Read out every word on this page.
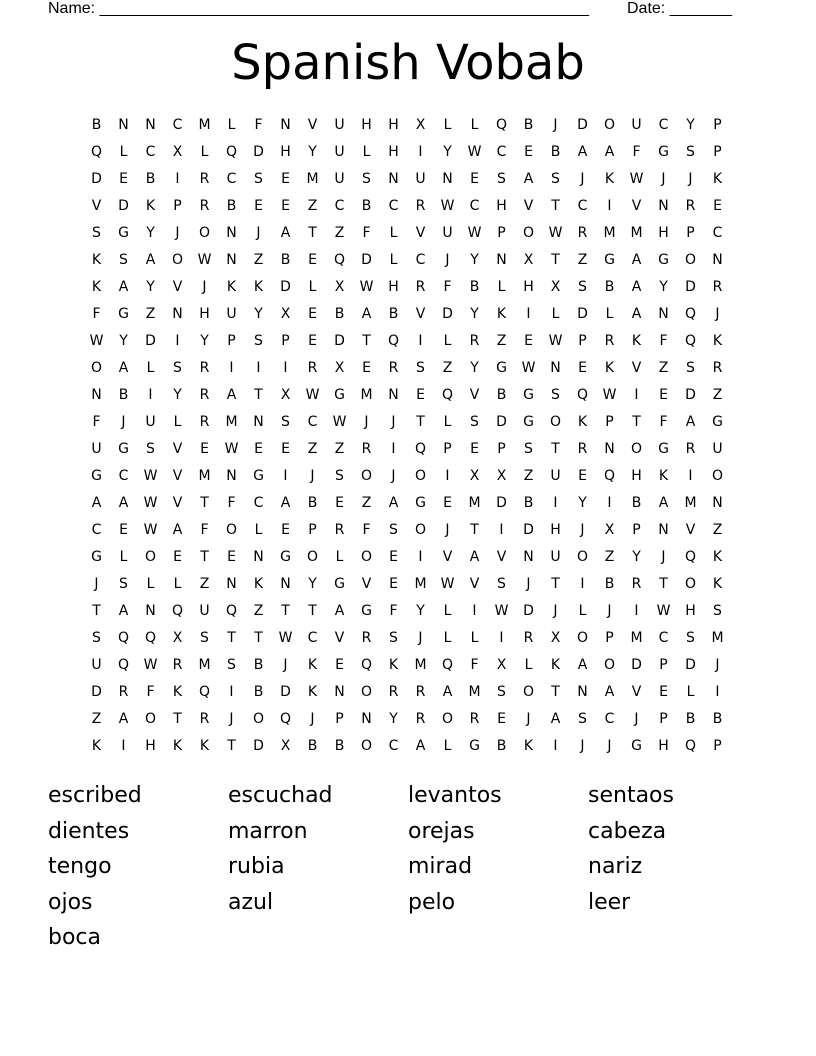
Name: _______________________________________________________ Date: _______
Spanish Vobab
B	N	N	C	M	L	F	N	V	U	H	H	X	L	L	Q	B	J	D	O	U	C	Y	P
Q	L	C	X	L	Q	D	H	Y	U	L	H	I	Y	W	C	E	B	A	A	F	G	S	P
D	E	B	I	R	C	S	E	M	U	S	N	U	N	E	S	A	S	J	K	W	J	J	K
V	D	K	P	R	B	E	E	Z	C	B	C	R	W	C	H	V	T	C	I	V	N	R	E
S	G	Y	J	O	N	J	A	T	Z	F	L	V	U	W	P	O	W	R	M	M	H	P	C
K	S	A	O	W	N	Z	B	E	Q	D	L	C	J	Y	N	X	T	Z	G	A	G	O	N
K	A	Y	V	J	K	K	D	L	X	W	H	R	F	B	L	H	X	S	B	A	Y	D	R
F	G	Z	N	H	U	Y	X	E	B	A	B	V	D	Y	K	I	L	D	L	A	N	Q	J
W	Y	D	I	Y	P	S	P	E	D	T	Q	I	L	R	Z	E	W	P	R	K	F	Q	K
O	A	L	S	R	I	I	I	R	X	E	R	S	Z	Y	G	W	N	E	K	V	Z	S	R
N	B	I	Y	R	A	T	X	W	G	M	N	E	Q	V	B	G	S	Q	W	I	E	D	Z
F	J	U	L	R	M	N	S	C	W	J	J	T	L	S	D	G	O	K	P	T	F	A	G
U	G	S	V	E	W	E	E	Z	Z	R	I	Q	P	E	P	S	T	R	N	O	G	R	U
G	C	W	V	M	N	G	I	J	S	O	J	O	I	X	X	Z	U	E	Q	H	K	I	O
A	A	W	V	T	F	C	A	B	E	Z	A	G	E	M	D	B	I	Y	I	B	A	M	N
C	E	W	A	F	O	L	E	P	R	F	S	O	J	T	I	D	H	J	X	P	N	V	Z
G	L	O	E	T	E	N	G	O	L	O	E	I	V	A	V	N	U	O	Z	Y	J	Q	K
J	S	L	L	Z	N	K	N	Y	G	V	E	M	W	V	S	J	T	I	B	R	T	O	K
T	A	N	Q	U	Q	Z	T	T	A	G	F	Y	L	I	W	D	J	L	J	I	W	H	S
S	Q	Q	X	S	T	T	W	C	V	R	S	J	L	L	I	R	X	O	P	M	C	S	M
U	Q	W	R	M	S	B	J	K	E	Q	K	M	Q	F	X	L	K	A	O	D	P	D	J
D	R	F	K	Q	I	B	D	K	N	O	R	R	A	M	S	O	T	N	A	V	E	L	I
Z	A	O	T	R	J	O	Q	J	P	N	Y	R	O	R	E	J	A	S	C	J	P	B	B
K	I	H	K	K	T	D	X	B	B	O	C	A	L	G	B	K	I	J	J	G	H	Q	P
escribed	escuchad	levantos	sentaos
dientes	marron	orejas	cabeza
tengo	rubia	mirad	nariz
ojos	azul	pelo	leer
boca
